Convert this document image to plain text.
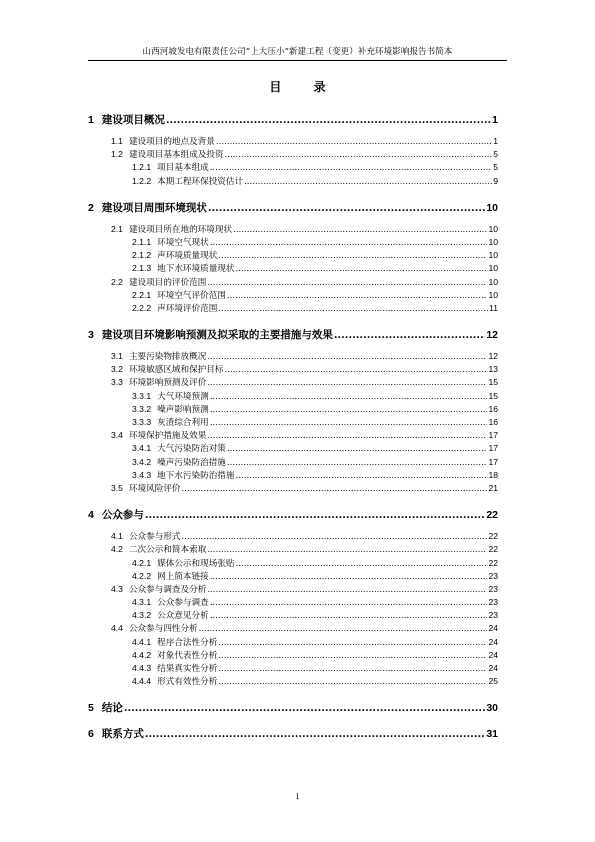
山西河坡发电有限责任公司“上大压小”新建工程（变更）补充环境影响报告书简本
目 录
1 建设项目概况 .....	1
1.1 建设项目的地点及背景 .....	1
1.2 建设项目基本组成及投资 .....	5
1.2.1 项目基本组成 .....	5
1.2.2 本期工程环保投资估计 .....	9
2 建设项目周围环境现状 .....	10
2.1 建设项目所在地的环境现状 .....	10
2.1.1 环境空气现状 .....	10
2.1.2 声环境质量现状 .....	10
2.1.3 地下水环境质量现状 .....	10
2.2 建设项目的评价范围 .....	10
2.2.1 环境空气评价范围 .....	10
2.2.2 声环境评价范围 .....	11
3 建设项目环境影响预测及拟采取的主要措施与效果 .....	12
3.1 主要污染物排放概况 .....	12
3.2 环境敏感区域和保护目标 .....	13
3.3 环境影响预测及评价 .....	15
3.3.1 大气环境预测 .....	15
3.3.2 噪声影响预测 .....	16
3.3.3 灰渣综合利用 .....	16
3.4 环境保护措施及效果 .....	17
3.4.1 大气污染防治对策 .....	17
3.4.2 噪声污染防治措施 .....	17
3.4.3 地下水污染防治措施 .....	18
3.5 环境风险评价 .....	21
4 公众参与 .....	22
4.1 公众参与形式 .....	22
4.2 二次公示和简本索取 .....	22
4.2.1 媒体公示和现场张贴 .....	22
4.2.2 网上简本链接 .....	23
4.3 公众参与调查及分析 .....	23
4.3.1 公众参与调查 .....	23
4.3.2 公众意见分析 .....	23
4.4 公众参与四性分析 .....	24
4.4.1 程序合法性分析 .....	24
4.4.2 对象代表性分析 .....	24
4.4.3 结果真实性分析 .....	24
4.4.4 形式有效性分析 .....	25
5 结论 .....	30
6 联系方式 .....	31
i
